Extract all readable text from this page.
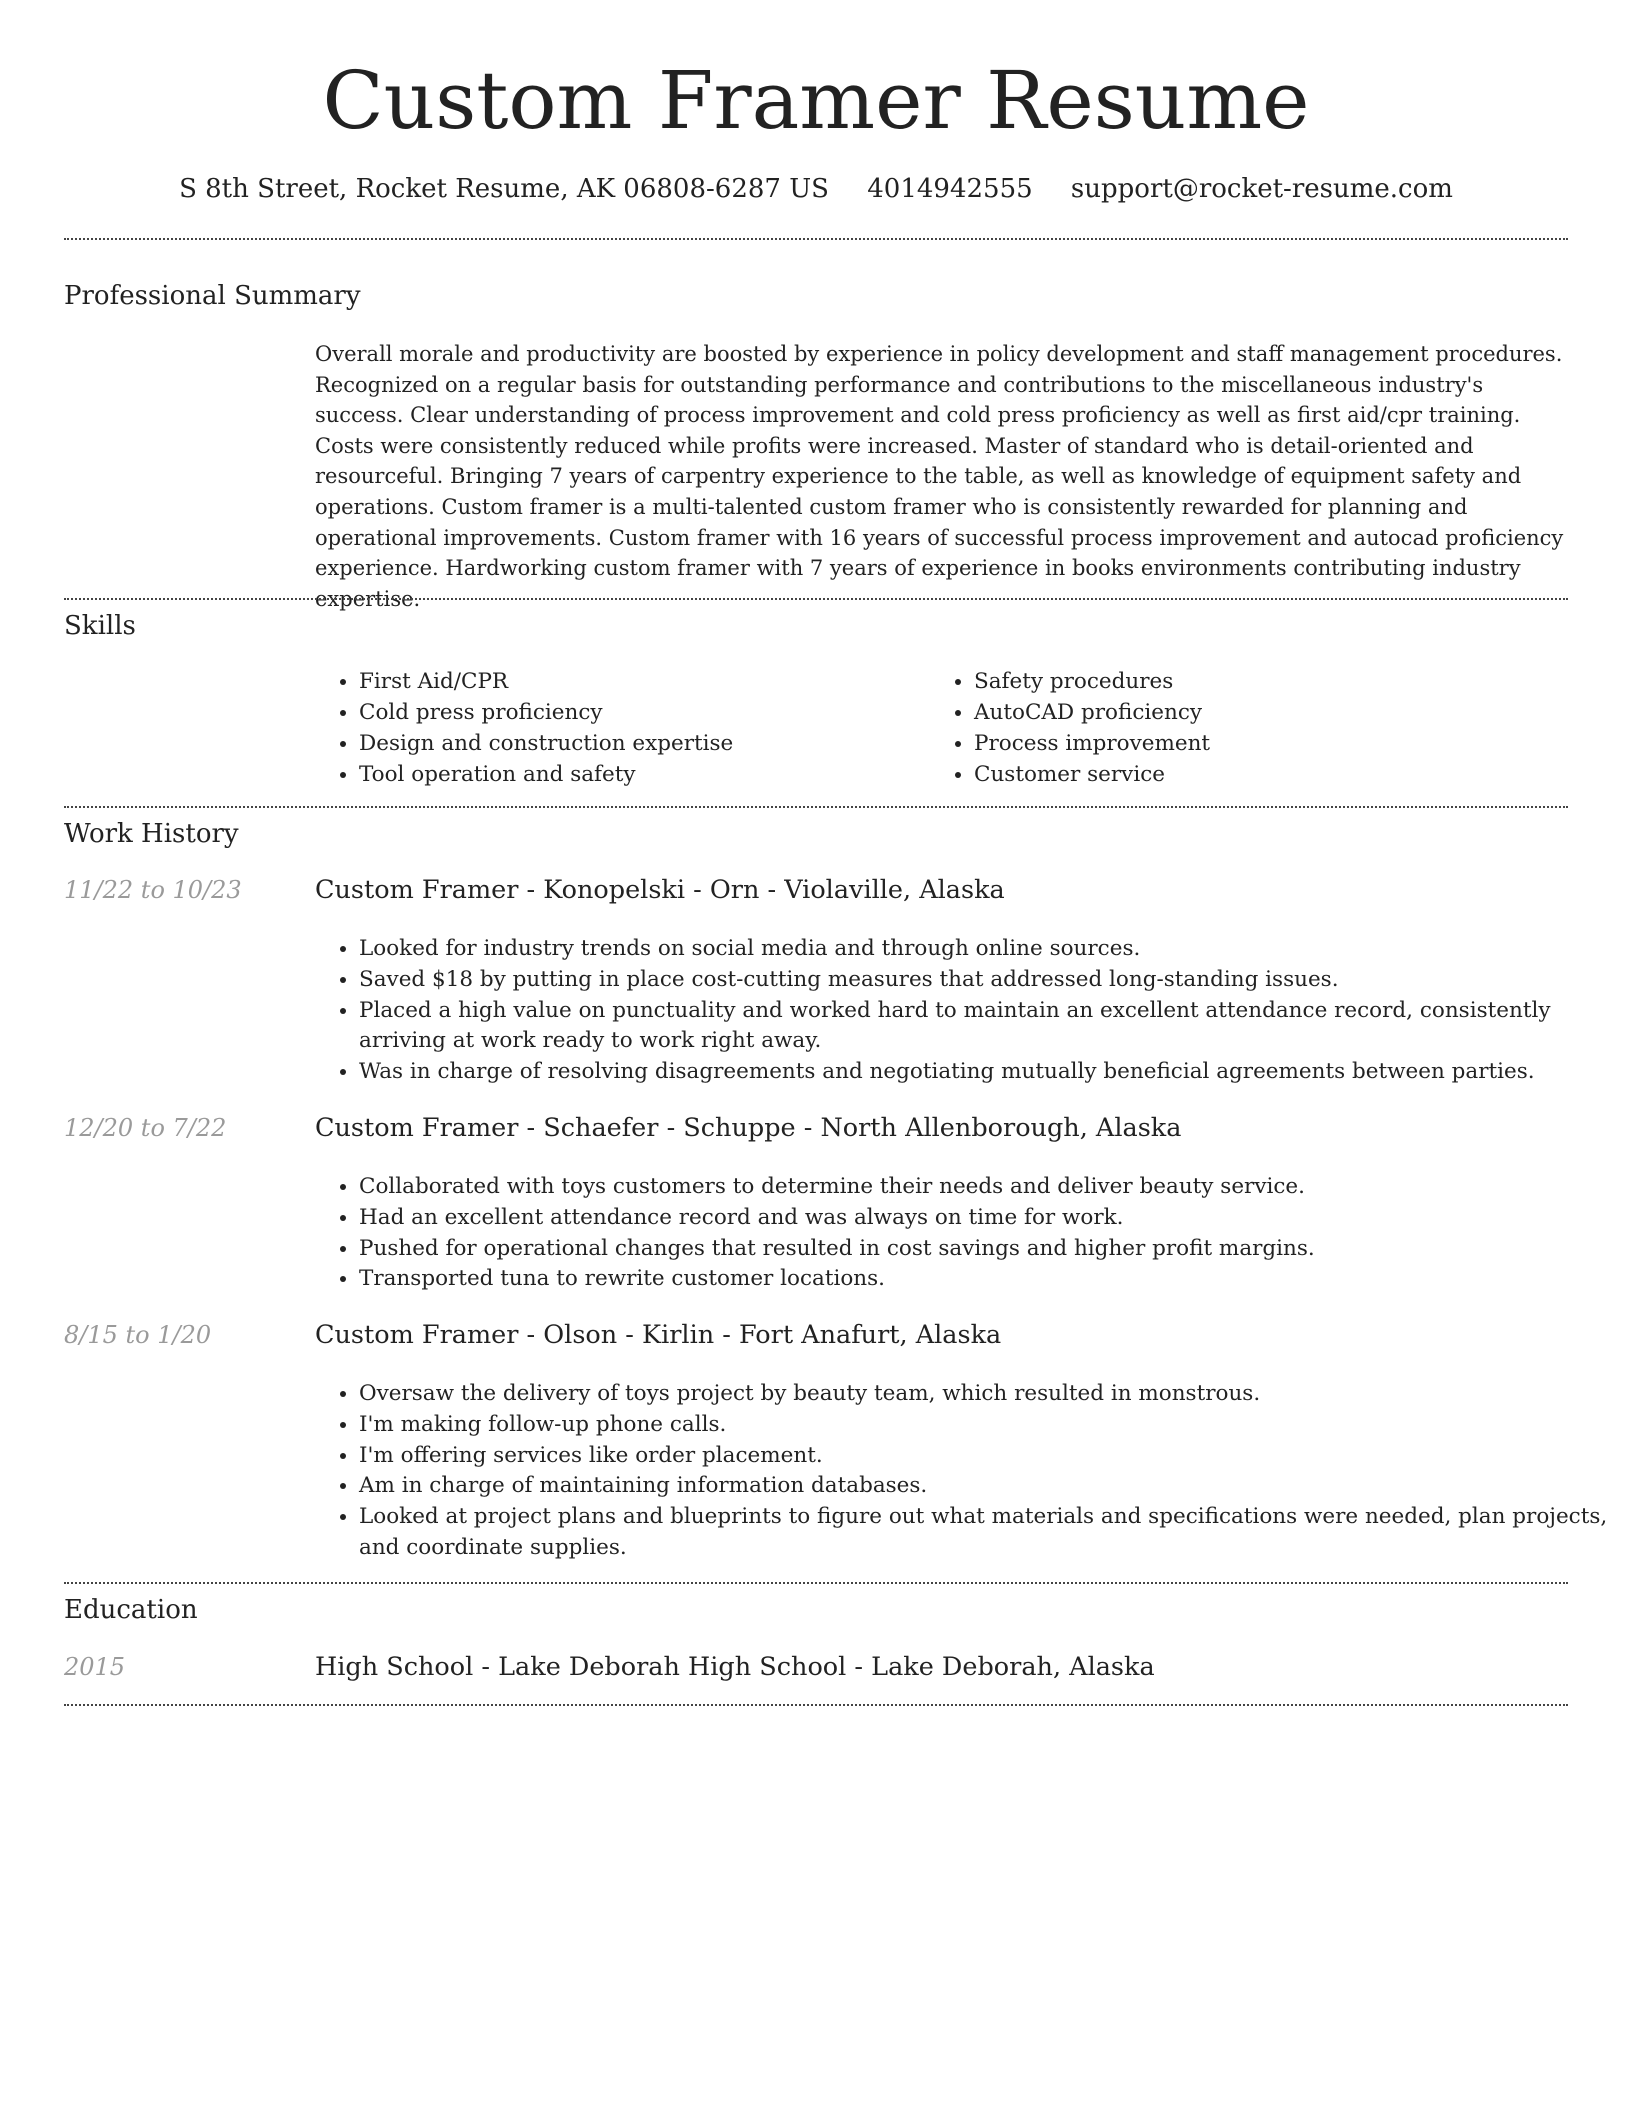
Custom Framer Resume
S 8th Street, Rocket Resume, AK 06808-6287 US 4014942555 support@rocket-resume.com
Professional Summary

Overall morale and productivity are boosted by experience in policy development and staff management procedures. Recognized on a regular basis for outstanding performance and contributions to the miscellaneous industry's success. Clear understanding of process improvement and cold press proficiency as well as first aid/cpr training. Costs were consistently reduced while profits were increased. Master of standard who is detail-oriented and resourceful. Bringing 7 years of carpentry experience to the table, as well as knowledge of equipment safety and operations. Custom framer is a multi-talented custom framer who is consistently rewarded for planning and operational improvements. Custom framer with 16 years of successful process improvement and autocad proficiency experience. Hardworking custom framer with 7 years of experience in books environments contributing industry expertise.

Skills
• First Aid/CPR
• Cold press proficiency
• Design and construction expertise
• Tool operation and safety
• Safety procedures
• AutoCAD proficiency
• Process improvement
• Customer service
Work History
11/22 to 10/23	Custom Framer - Konopelski - Orn - Violaville, Alaska
• Looked for industry trends on social media and through online sources.
• Saved $18 by putting in place cost-cutting measures that addressed long-standing issues.
• Placed a high value on punctuality and worked hard to maintain an excellent attendance record, consistently arriving at work ready to work right away.
• Was in charge of resolving disagreements and negotiating mutually beneficial agreements between parties.
12/20 to 7/22	Custom Framer - Schaefer - Schuppe - North Allenborough, Alaska
• Collaborated with toys customers to determine their needs and deliver beauty service.
• Had an excellent attendance record and was always on time for work.
• Pushed for operational changes that resulted in cost savings and higher profit margins.
• Transported tuna to rewrite customer locations.
8/15 to 1/20	Custom Framer - Olson - Kirlin - Fort Anafurt, Alaska
• Oversaw the delivery of toys project by beauty team, which resulted in monstrous.
• I'm making follow-up phone calls.
• I'm offering services like order placement.
• Am in charge of maintaining information databases.
• Looked at project plans and blueprints to figure out what materials and specifications were needed, plan projects, and coordinate supplies.
Education
2015	High School - Lake Deborah High School - Lake Deborah, Alaska
